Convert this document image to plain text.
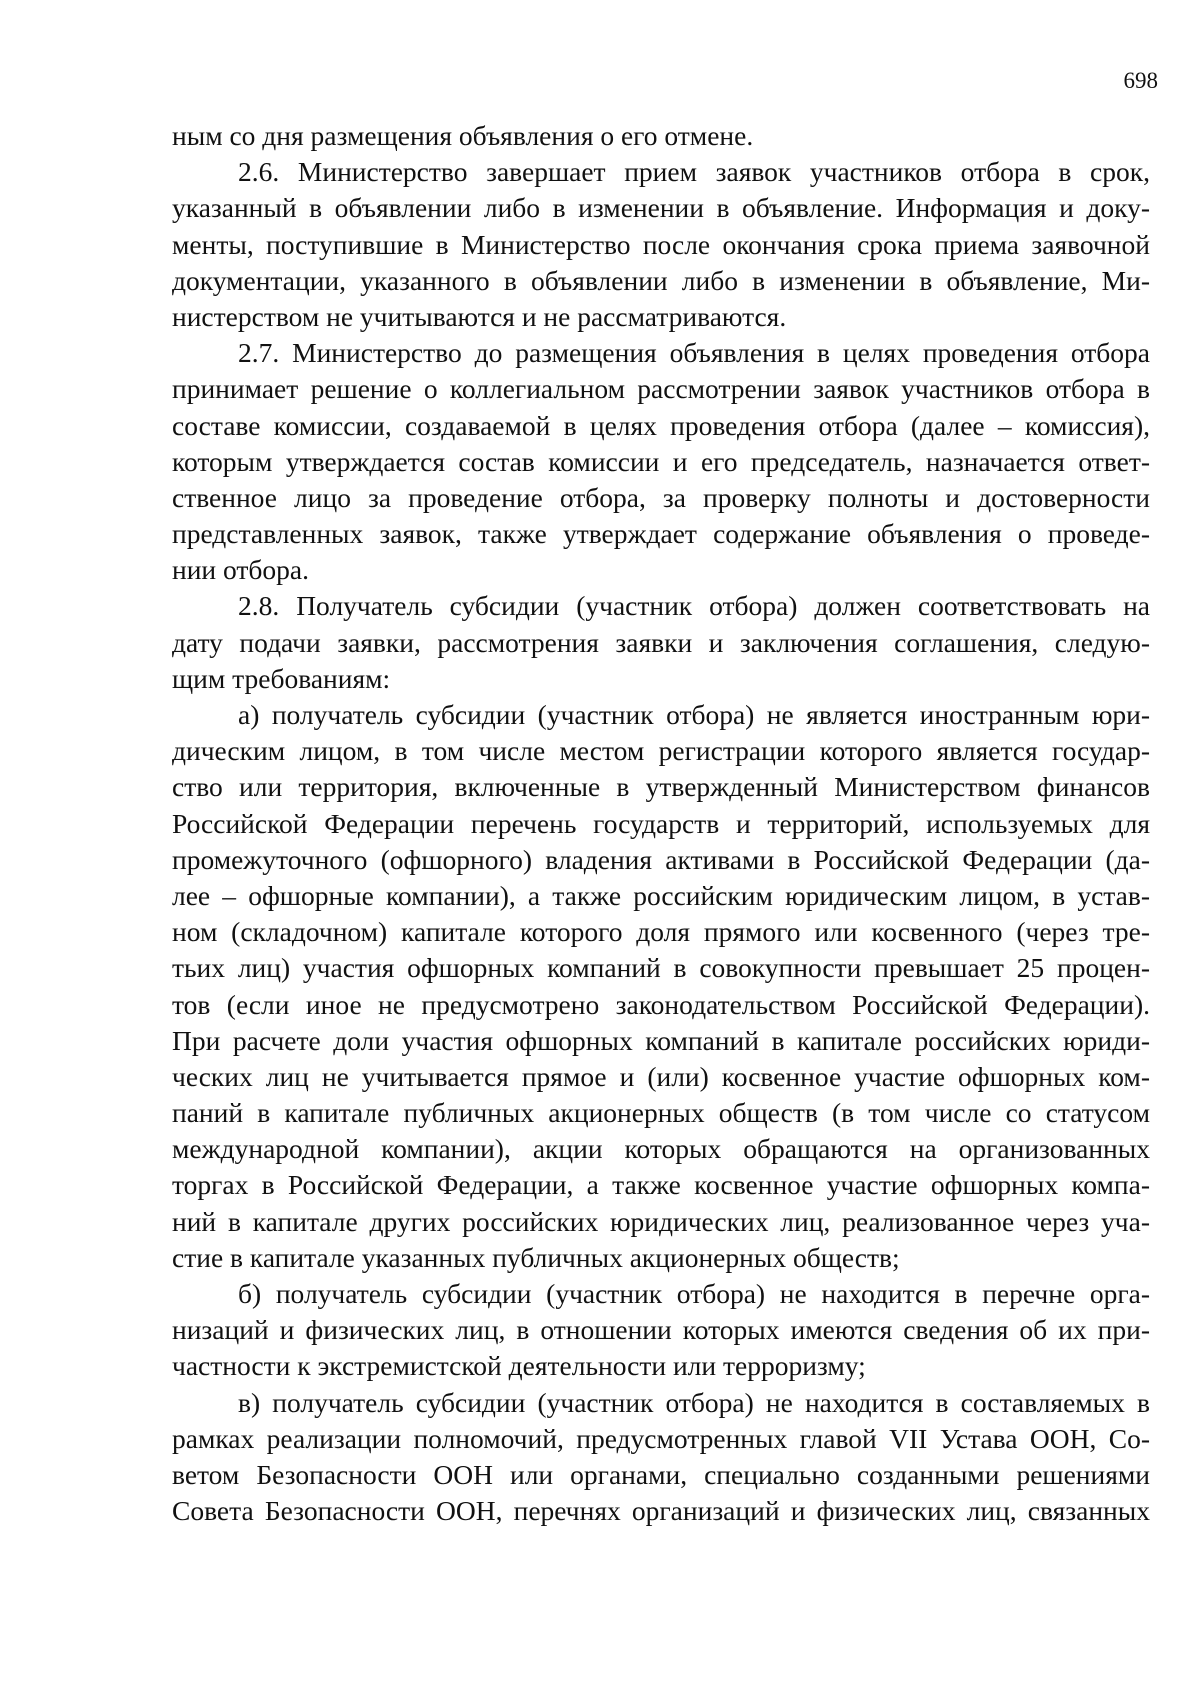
698
ным со дня размещения объявления о его отмене.
2.6. Министерство завершает прием заявок участников отбора в срок,
указанный в объявлении либо в изменении в объявление. Информация и доку-
менты, поступившие в Министерство после окончания срока приема заявочной
документации, указанного в объявлении либо в изменении в объявление, Ми-
нистерством не учитываются и не рассматриваются.
2.7. Министерство до размещения объявления в целях проведения отбора
принимает решение о коллегиальном рассмотрении заявок участников отбора в
составе комиссии, создаваемой в целях проведения отбора (далее – комиссия),
которым утверждается состав комиссии и его председатель, назначается ответ-
ственное лицо за проведение отбора, за проверку полноты и достоверности
представленных заявок, также утверждает содержание объявления о проведе-
нии отбора.
2.8. Получатель субсидии (участник отбора) должен соответствовать на
дату подачи заявки, рассмотрения заявки и заключения соглашения, следую-
щим требованиям:
а) получатель субсидии (участник отбора) не является иностранным юри-
дическим лицом, в том числе местом регистрации которого является государ-
ство или территория, включенные в утвержденный Министерством финансов
Российской Федерации перечень государств и территорий, используемых для
промежуточного (офшорного) владения активами в Российской Федерации (да-
лее – офшорные компании), а также российским юридическим лицом, в устав-
ном (складочном) капитале которого доля прямого или косвенного (через тре-
тьих лиц) участия офшорных компаний в совокупности превышает 25 процен-
тов (если иное не предусмотрено законодательством Российской Федерации).
При расчете доли участия офшорных компаний в капитале российских юриди-
ческих лиц не учитывается прямое и (или) косвенное участие офшорных ком-
паний в капитале публичных акционерных обществ (в том числе со статусом
международной компании), акции которых обращаются на организованных
торгах в Российской Федерации, а также косвенное участие офшорных компа-
ний в капитале других российских юридических лиц, реализованное через уча-
стие в капитале указанных публичных акционерных обществ;
б) получатель субсидии (участник отбора) не находится в перечне орга-
низаций и физических лиц, в отношении которых имеются сведения об их при-
частности к экстремистской деятельности или терроризму;
в) получатель субсидии (участник отбора) не находится в составляемых в
рамках реализации полномочий, предусмотренных главой VII Устава ООН, Со-
ветом Безопасности ООН или органами, специально созданными решениями
Совета Безопасности ООН, перечнях организаций и физических лиц, связанных
